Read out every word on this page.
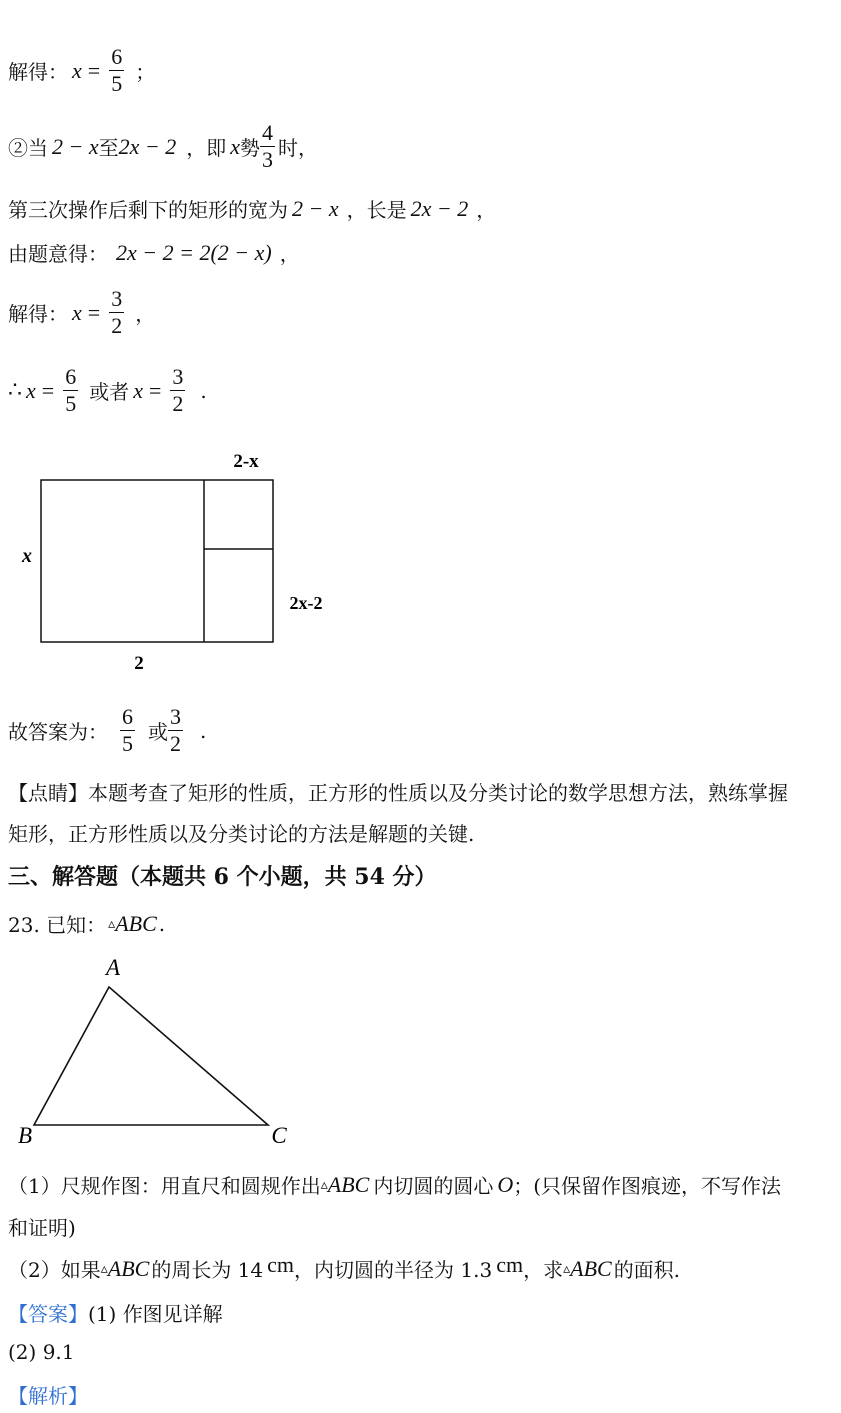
解得： $x = \frac{6}{5}$ ；
②当 2 − x 至 2x − 2 ，即 x 勢 $\frac{4}{3}$ 时，
第三次操作后剩下的矩形的宽为 2 − x ，长是 2x − 2 ，
由题意得： 2x − 2 = 2(2 − x) ，
解得： $x = \frac{3}{2}$ ，
∴ $x = \frac{6}{5}$ 或者 $x = \frac{3}{2}$ .
2-x
x
2x-2
2
故答案为： $\frac{6}{5}$ 或 $\frac{3}{2}$ .
【点睛】本题考查了矩形的性质，正方形的性质以及分类讨论的数学思想方法，熟练掌握
矩形，正方形性质以及分类讨论的方法是解题的关键.
三、解答题（本题共 6 个小题，共 54 分）
23. 已知： ▵ ABC .
A
B	C
（1）尺规作图：用直尺和圆规作出 ▵ ABC 内切圆的圆心 O ；(只保留作图痕迹，不写作法
和证明)
（2）如果 ▵ ABC 的周长为 14 cm ，内切圆的半径为 1.3 cm ，求 ▵ ABC 的面积.
【答案】 (1) 作图见详解
(2) 9.1
【解析】
